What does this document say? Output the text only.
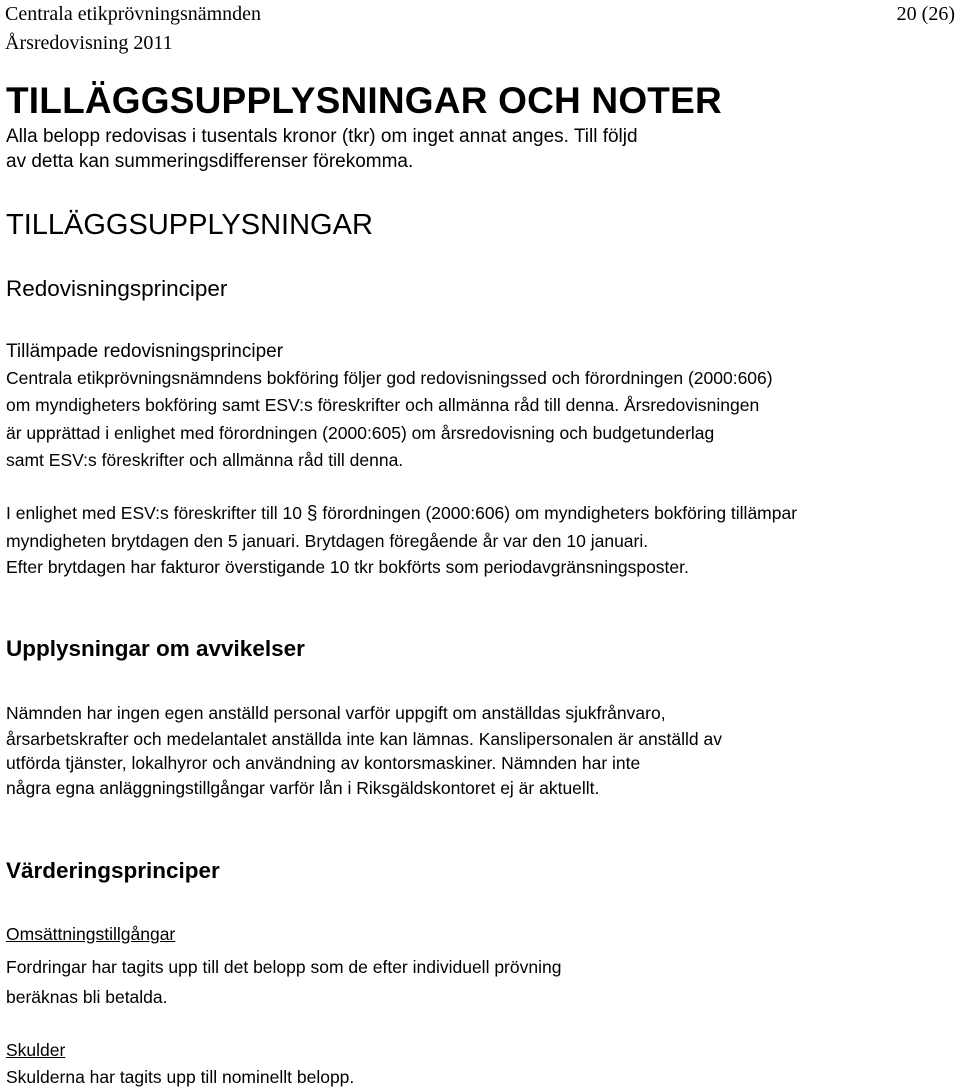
Centrala etikprövningsnämnden	20 (26)
Årsredovisning 2011
TILLÄGGSUPPLYSNINGAR OCH NOTER
Alla belopp redovisas i tusentals kronor (tkr) om inget annat anges. Till följd
av detta kan summeringsdifferenser förekomma.
TILLÄGGSUPPLYSNINGAR
Redovisningsprinciper
Tillämpade redovisningsprinciper
Centrala etikprövningsnämndens bokföring följer god redovisningssed och förordningen (2000:606)
om myndigheters bokföring samt ESV:s föreskrifter och allmänna råd till denna. Årsredovisningen
är upprättad i enlighet med förordningen (2000:605) om årsredovisning och budgetunderlag
samt ESV:s föreskrifter och allmänna råd till denna.
I enlighet med ESV:s föreskrifter till 10 § förordningen (2000:606) om myndigheters bokföring tillämpar
myndigheten brytdagen den 5 januari. Brytdagen föregående år var den 10 januari.
Efter brytdagen har fakturor överstigande 10 tkr bokförts som periodavgränsningsposter.
Upplysningar om avvikelser
Nämnden har ingen egen anställd personal varför uppgift om anställdas sjukfrånvaro,
årsarbetskrafter och medelantalet anställda inte kan lämnas. Kanslipersonalen är anställd av
utförda tjänster, lokalhyror och användning av kontorsmaskiner. Nämnden har inte
några egna anläggningstillgångar varför lån i Riksgäldskontoret ej är aktuellt.
Värderingsprinciper
Omsättningstillgångar
Fordringar har tagits upp till det belopp som de efter individuell prövning
beräknas bli betalda.
Skulder
Skulderna har tagits upp till nominellt belopp.
